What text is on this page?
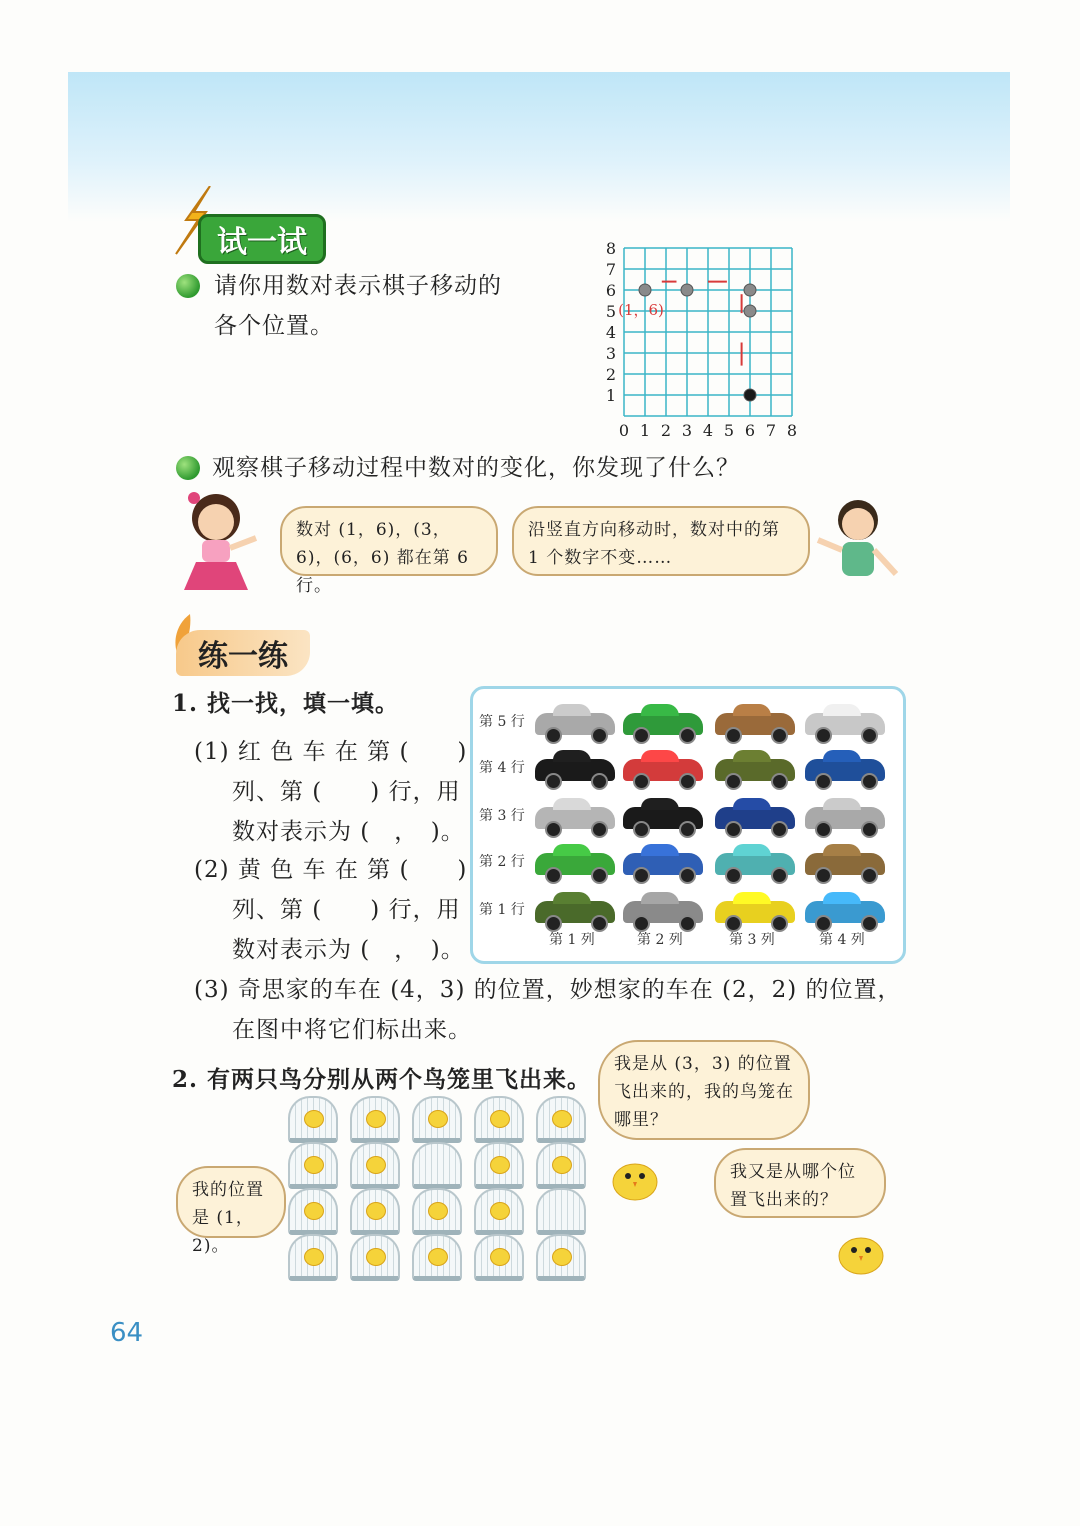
试一试
请你用数对表示棋子移动的
各个位置。
0 1 2 3 4 5 6 7 8
1
2
3
4
5
6
7
8
(1，6)
观察棋子移动过程中数对的变化，你发现了什么？
数对 (1，6)，(3，6)，(6，6) 都在第 6 行。
沿竖直方向移动时，数对中的第 1 个数字不变……
练一练
1. 找一找，填一填。
(1) 红 色 车 在 第 (　　)
列、第 (　　) 行，用
数对表示为 (　，　)。
(2) 黄 色 车 在 第 (　　)
列、第 (　　) 行，用
数对表示为 (　，　)。
(3) 奇思家的车在 (4，3) 的位置，妙想家的车在 (2，2) 的位置，
在图中将它们标出来。
第 5 行
第 4 行
第 3 行
第 2 行
第 1 行
第 1 列	第 2 列	第 3 列	第 4 列
2. 有两只鸟分别从两个鸟笼里飞出来。
我是从 (3，3) 的位置飞出来的，我的鸟笼在哪里？
我的位置是 (1，2)。
我又是从哪个位置飞出来的？
64
